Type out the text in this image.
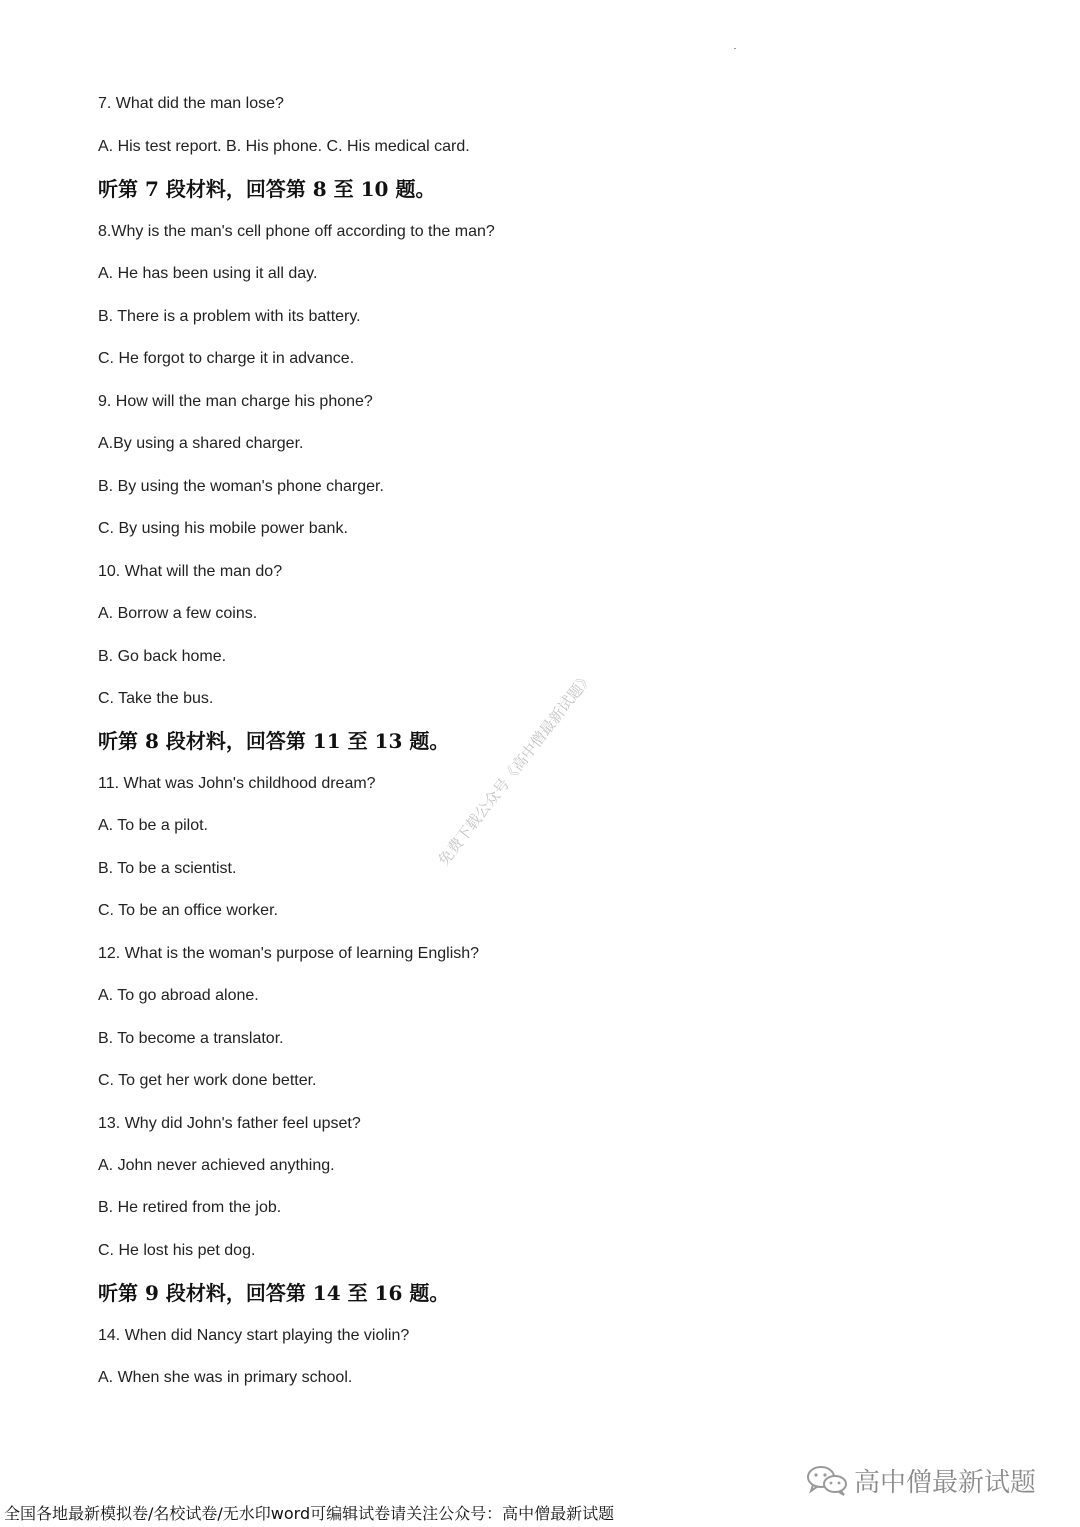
7. What did the man lose?
A. His test report. B. His phone. C. His medical card.
听第 7 段材料，回答第 8 至 10 题。
8.Why is the man's cell phone off according to the man?
A. He has been using it all day.
B. There is a problem with its battery.
C. He forgot to charge it in advance.
9. How will the man charge his phone?
A.By using a shared charger.
B. By using the woman's phone charger.
C. By using his mobile power bank.
10. What will the man do?
A. Borrow a few coins.
B. Go back home.
C. Take the bus.
听第 8 段材料，回答第 11 至 13 题。
11. What was John's childhood dream?
A. To be a pilot.
B. To be a scientist.
C. To be an office worker.
12. What is the woman's purpose of learning English?
A. To go abroad alone.
B. To become a translator.
C. To get her work done better.
13. Why did John's father feel upset?
A. John never achieved anything.
B. He retired from the job.
C. He lost his pet dog.
听第 9 段材料，回答第 14 至 16 题。
14. When did Nancy start playing the violin?
A. When she was in primary school.
免费下载公众号《高中僧最新试题》
高中僧最新试题
全国各地最新模拟卷/名校试卷/无水印word可编辑试卷请关注公众号：高中僧最新试题
